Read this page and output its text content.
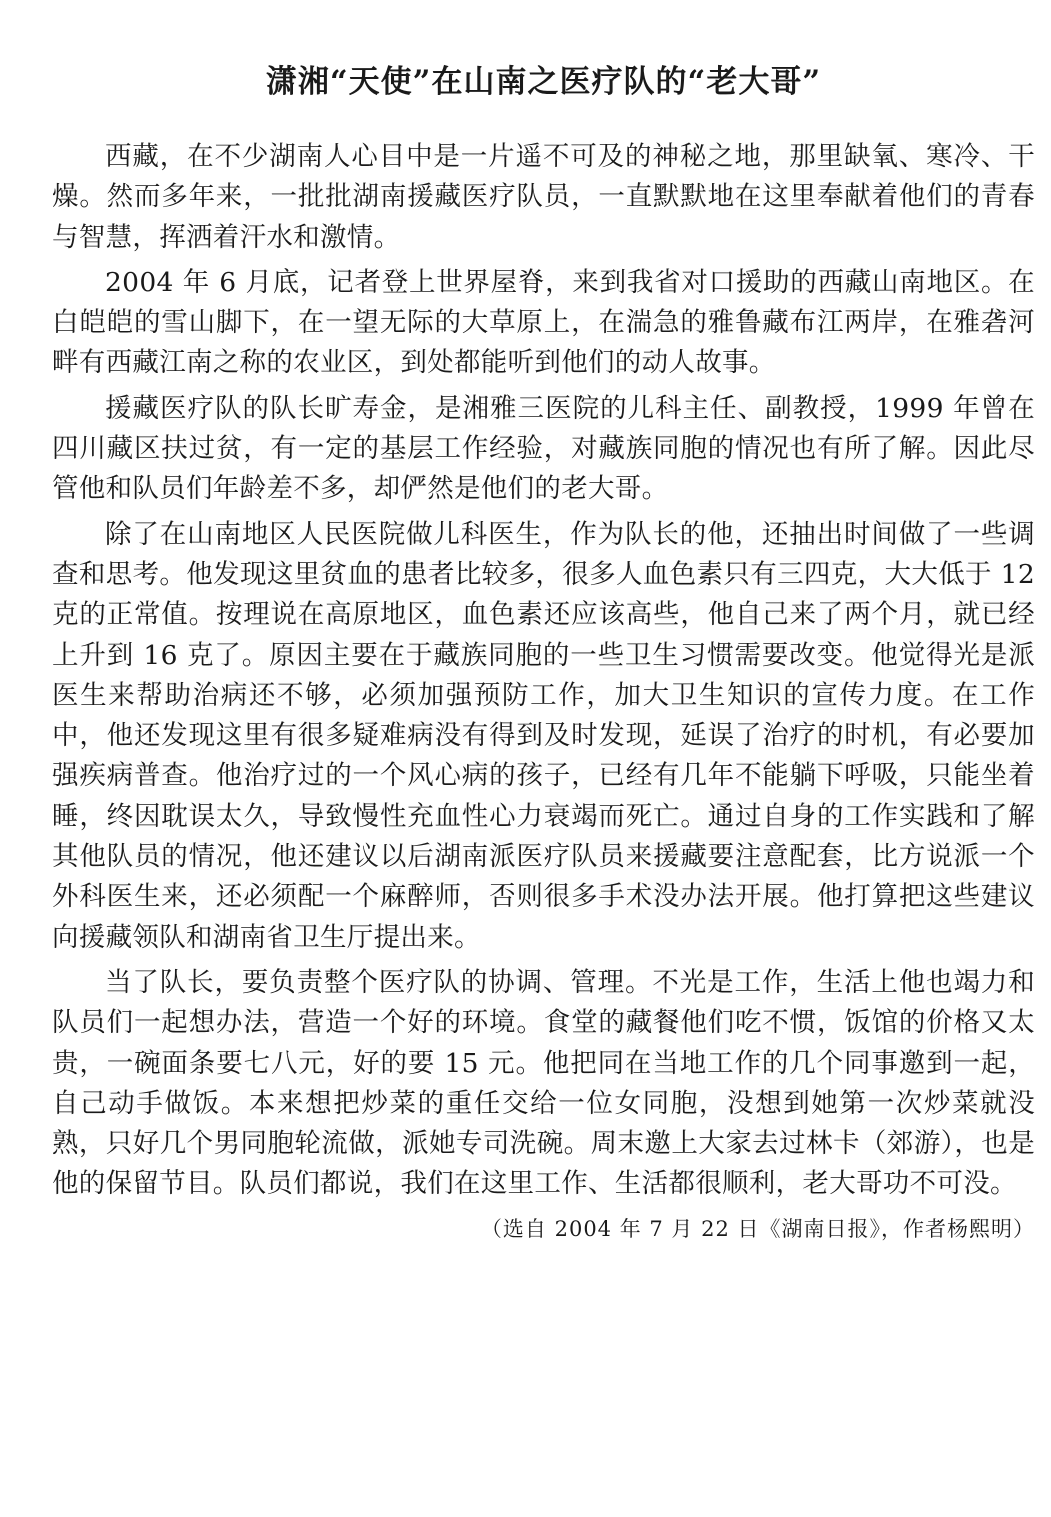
潇湘“天使”在山南之医疗队的“老大哥”

西藏，在不少湖南人心目中是一片遥不可及的神秘之地，那里缺氧、寒冷、干燥。然而多年来，一批批湖南援藏医疗队员，一直默默地在这里奉献着他们的青春与智慧，挥洒着汗水和激情。

2004 年 6 月底，记者登上世界屋脊，来到我省对口援助的西藏山南地区。在白皑皑的雪山脚下，在一望无际的大草原上，在湍急的雅鲁藏布江两岸，在雅砻河畔有西藏江南之称的农业区，到处都能听到他们的动人故事。

援藏医疗队的队长旷寿金，是湘雅三医院的儿科主任、副教授，1999 年曾在四川藏区扶过贫，有一定的基层工作经验，对藏族同胞的情况也有所了解。因此尽管他和队员们年龄差不多，却俨然是他们的老大哥。

除了在山南地区人民医院做儿科医生，作为队长的他，还抽出时间做了一些调查和思考。他发现这里贫血的患者比较多，很多人血色素只有三四克，大大低于 12 克的正常值。按理说在高原地区，血色素还应该高些，他自己来了两个月，就已经上升到 16 克了。原因主要在于藏族同胞的一些卫生习惯需要改变。他觉得光是派医生来帮助治病还不够，必须加强预防工作，加大卫生知识的宣传力度。在工作中，他还发现这里有很多疑难病没有得到及时发现，延误了治疗的时机，有必要加强疾病普查。他治疗过的一个风心病的孩子，已经有几年不能躺下呼吸，只能坐着睡，终因耽误太久，导致慢性充血性心力衰竭而死亡。通过自身的工作实践和了解其他队员的情况，他还建议以后湖南派医疗队员来援藏要注意配套，比方说派一个外科医生来，还必须配一个麻醉师，否则很多手术没办法开展。他打算把这些建议向援藏领队和湖南省卫生厅提出来。

当了队长，要负责整个医疗队的协调、管理。不光是工作，生活上他也竭力和队员们一起想办法，营造一个好的环境。食堂的藏餐他们吃不惯，饭馆的价格又太贵，一碗面条要七八元，好的要 15 元。他把同在当地工作的几个同事邀到一起，自己动手做饭。本来想把炒菜的重任交给一位女同胞，没想到她第一次炒菜就没熟，只好几个男同胞轮流做，派她专司洗碗。周末邀上大家去过林卡（郊游），也是他的保留节目。队员们都说，我们在这里工作、生活都很顺利，老大哥功不可没。

（选自 2004 年 7 月 22 日《湖南日报》，作者杨熙明）
